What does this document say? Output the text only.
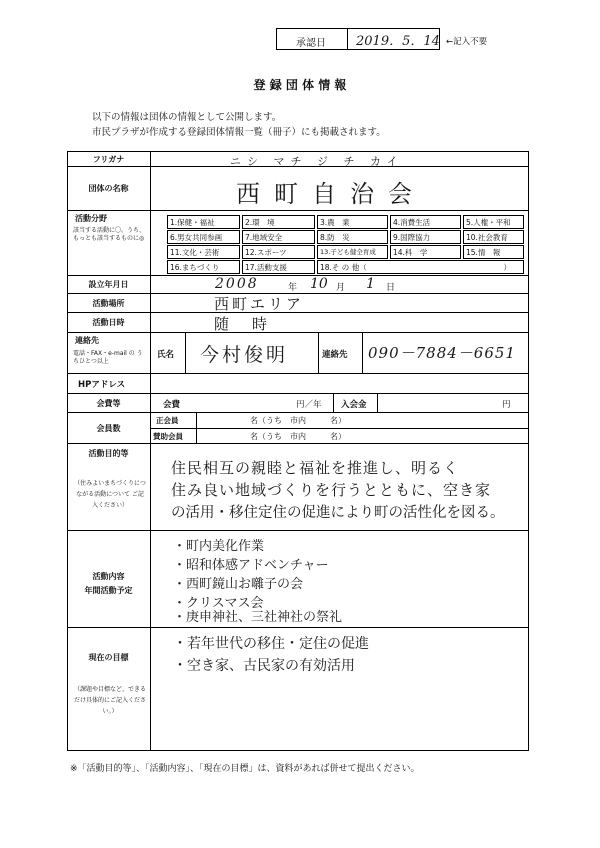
承認日 2019．5．14 ←記入不要
登 録 団 体 情 報
以下の情報は団体の情報として公開します。
市民プラザが作成する登録団体情報一覧（冊子）にも掲載されます。
フリガナ	ニシ マチ ジ チ カイ
団体の名称	西町自治会
活動分野
該当する活動に〇。うち、もっとも該当するものに◎
1.保健・福祉	2.環　境	3.農　業	4.消費生活	5.人権・平和
6.男女共同参画	7.地域安全	8.防　災	9.国際協力	10.社会教育
11.文化・芸術	12.スポーツ	13.子ども健全育成	14.科　学	15.情　報
16.まちづくり	17.活動支援	18.そ の 他（	）
設立年月日	2008	年 10 月 1 日
活動場所	西町エリア
活動日時	随　時
連絡先
電話・FAX・e-mail の うちひとつ以上
氏名 今村俊明	連絡先 090－7884－6651
HPアドレス
会費等	会費	円／年 入会金	円
会員数
正会員	名（うち　市内　　　名）
賛助会員	名（うち　市内　　　名）
活動目的等
（住みよいまちづくりにつながる活動について ご記入ください）
住民相互の親睦と福祉を推進し、明るく
住み良い地域づくりを行うとともに、空き家
の活用・移住定住の促進により町の活性化を図る。
活動内容
年間活動予定
・町内美化作業
・昭和体感アドベンチャー
・西町鏡山お囃子の会
・クリスマス会
・庚申神社、三社神社の祭礼
現在の目標
（課題や目標など、できるだけ具体的にご記入ください。）
・若年世代の移住・定住の促進
・空き家、古民家の有効活用
※「活動目的等」、「活動内容」、「現在の目標」は、資料があれば併せて提出ください。
